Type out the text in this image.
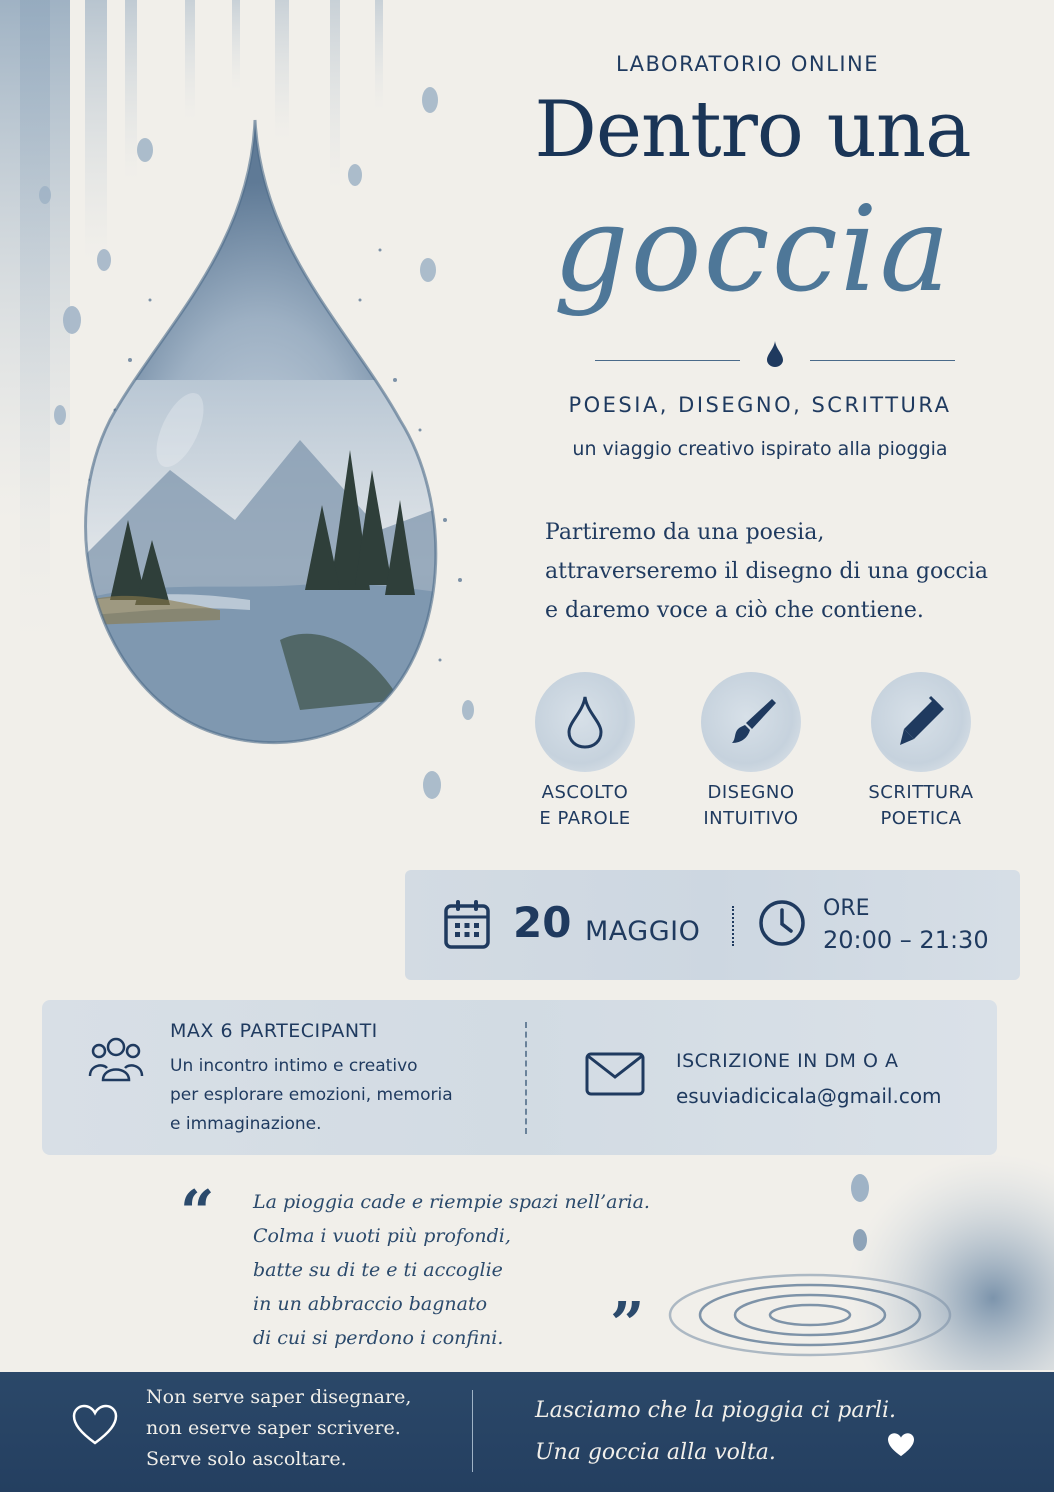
LABORATORIO ONLINE
Dentro una
goccia
POESIA, DISEGNO, SCRITTURA
un viaggio creativo ispirato alla pioggia
Partiremo da una poesia,
attraverseremo il disegno di una goccia
e daremo voce a ciò che contiene.
ASCOLTO
E PAROLE
DISEGNO
INTUITIVO
SCRITTURA
POETICA
20 MAGGIO
ORE
20:00 – 21:30
MAX 6 PARTECIPANTI
Un incontro intimo e creativo
per esplorare emozioni, memoria
e immaginazione.
ISCRIZIONE IN DM O A
esuviadicicala@gmail.com
“ La pioggia cade e riempie spazi nell’aria.
Colma i vuoti più profondi,
batte su di te e ti accoglie
in un abbraccio bagnato
di cui si perdono i confini.	”
Non serve saper disegnare,
non eserve saper scrivere.
Serve solo ascoltare.
Lasciamo che la pioggia ci parli.
Una goccia alla volta.
